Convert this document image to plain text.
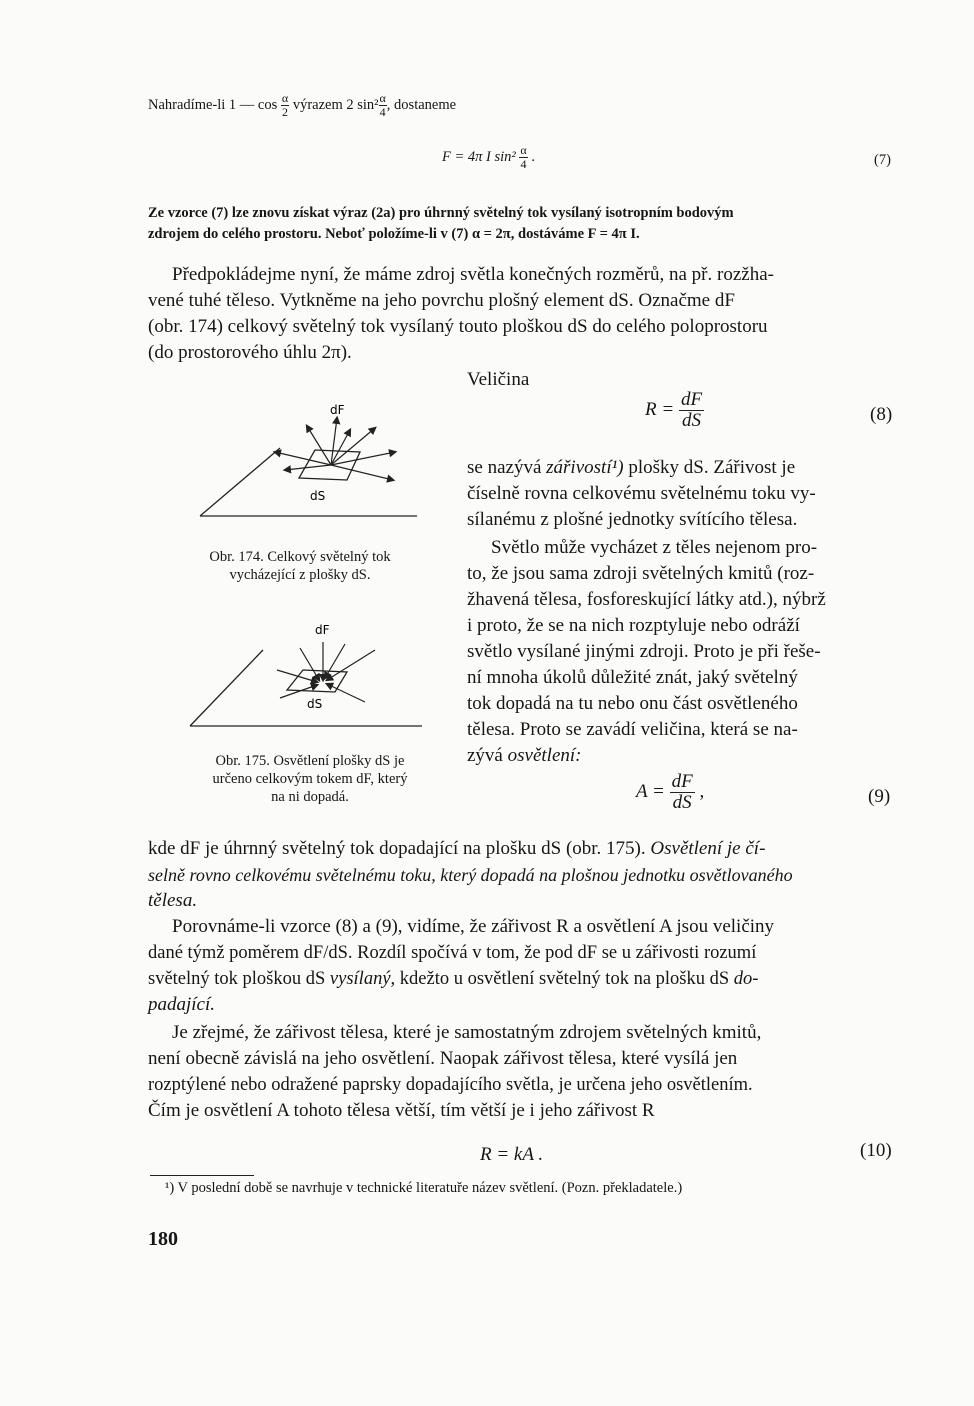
Nahradíme-li 1 — $\cos \frac{\alpha}{2}$ výrazem 2 $\sin^2 \frac{\alpha}{4}$ , dostaneme
F = 4π I $\sin^2 \frac{\alpha}{4}$ .	(7)
Ze vzorce (7) lze znovu získat výraz (2a) pro úhrnný světelný tok vysílaný isotropním bodovým
zdrojem do celého prostoru. Neboť položíme-li v (7) α = 2π, dostáváme F = 4π I.
Předpokládejme nyní, že máme zdroj světla konečných rozměrů, na př. rozžha-
vené tuhé těleso. Vytkněme na jeho povrchu plošný element dS. Označme dF
(obr. 174) celkový světelný tok vysílaný touto ploškou dS do celého poloprostoru
(do prostorového úhlu 2π).
Veličina
$R = \frac{dF}{dS}$	(8)
dF
dS
Obr. 174. Celkový světelný tok
vycházející z plošky dS.
dF
dS
Obr. 175. Osvětlení plošky dS je
určeno celkovým tokem dF, který
na ni dopadá.
se nazývá zářivostí¹) plošky dS. Zářivost je
číselně rovna celkovému světelnému toku vy-
sílanému z plošné jednotky svítícího tělesa.
Světlo může vycházet z těles nejenom pro-
to, že jsou sama zdroji světelných kmitů (roz-
žhavená tělesa, fosforeskující látky atd.), nýbrž
i proto, že se na nich rozptyluje nebo odráží
světlo vysílané jinými zdroji. Proto je při řeše-
ní mnoha úkolů důležité znát, jaký světelný
tok dopadá na tu nebo onu část osvětleného
tělesa. Proto se zavádí veličina, která se na-
zývá osvětlení:
$A = \frac{dF}{dS}$ ,	(9)
kde dF je úhrnný světelný tok dopadající na plošku dS (obr. 175). Osvětlení je čí-
selně rovno celkovému světelnému toku, který dopadá na plošnou jednotku osvětlovaného
tělesa.
Porovnáme-li vzorce (8) a (9), vidíme, že zářivost R a osvětlení A jsou veličiny
dané týmž poměrem dF/dS. Rozdíl spočívá v tom, že pod dF se u zářivosti rozumí
světelný tok ploškou dS vysílaný, kdežto u osvětlení světelný tok na plošku dS do-
padající.
Je zřejmé, že zářivost tělesa, které je samostatným zdrojem světelných kmitů,
není obecně závislá na jeho osvětlení. Naopak zářivost tělesa, které vysílá jen
rozptýlené nebo odražené paprsky dopadajícího světla, je určena jeho osvětlením.
Čím je osvětlení A tohoto tělesa větší, tím větší je i jeho zářivost R
R = kA .	(10)
¹) V poslední době se navrhuje v technické literatuře název světlení. (Pozn. překladatele.)
180
